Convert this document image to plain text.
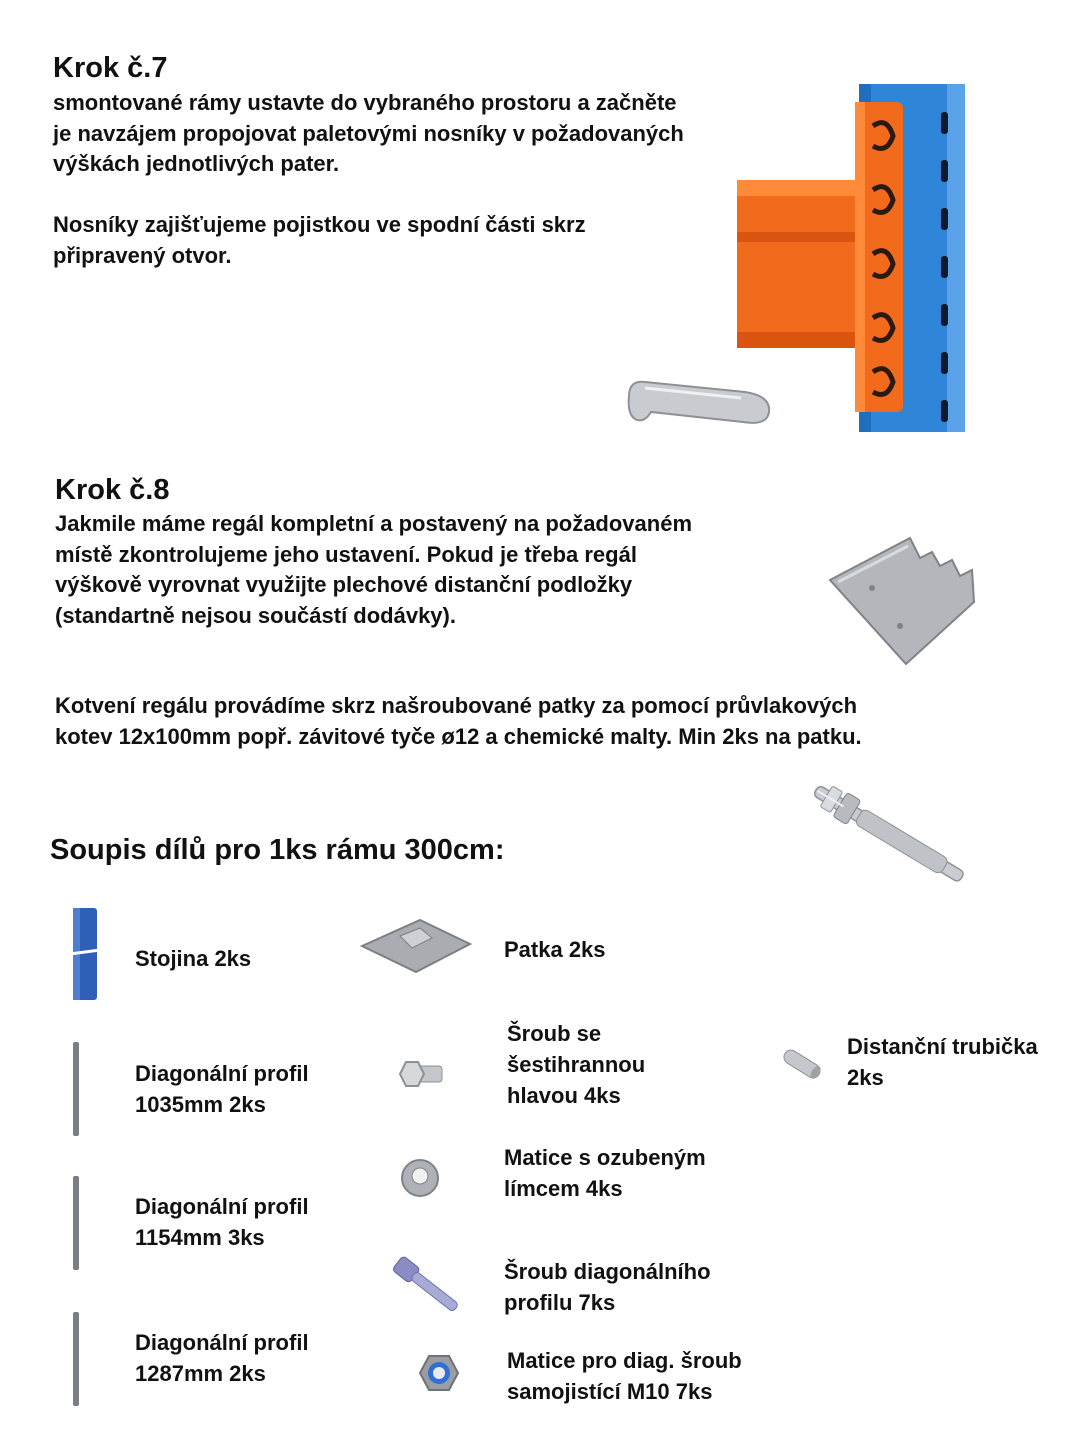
Krok č.7
smontované rámy ustavte do vybraného prostoru a začněte
je navzájem propojovat paletovými nosníky v požadovaných
výškách jednotlivých pater.
Nosníky zajišťujeme pojistkou ve spodní části skrz
připravený otvor.
Krok č.8
Jakmile máme regál kompletní a postavený na požadovaném
místě zkontrolujeme jeho ustavení. Pokud je třeba regál
výškově vyrovnat využijte plechové distanční podložky
(standartně nejsou součástí dodávky).
Kotvení regálu provádíme skrz našroubované patky za pomocí průvlakových
kotev 12x100mm popř. závitové tyče ø12 a chemické malty. Min 2ks na patku.
Soupis dílů pro 1ks rámu 300cm:
Stojina 2ks	Patka 2ks
Diagonální profil
1035mm 2ks
Šroub se
šestihrannou
hlavou 4ks
Distanční trubička
2ks
Matice s ozubeným
límcem 4ks
Diagonální profil
1154mm 3ks
Šroub diagonálního
profilu 7ks
Diagonální profil
1287mm 2ks
Matice pro diag. šroub
samojistící M10 7ks
